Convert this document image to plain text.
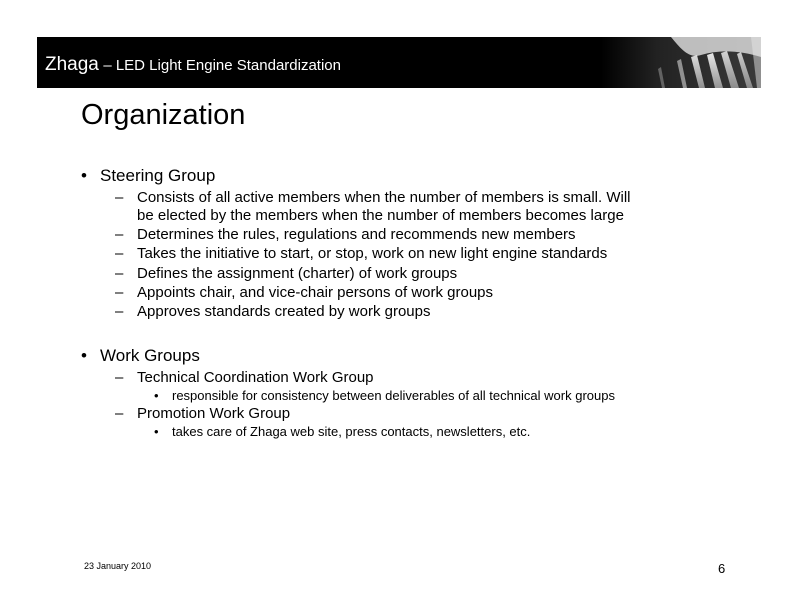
Zhaga – LED Light Engine Standardization
Organization
• Steering Group
– Consists of all active members when the number of members is small. Will
be elected by the members when the number of members becomes large
– Determines the rules, regulations and recommends new members
– Takes the initiative to start, or stop, work on new light engine standards
– Defines the assignment (charter) of work groups
– Appoints chair, and vice-chair persons of work groups
– Approves standards created by work groups
• Work Groups
– Technical Coordination Work Group
• responsible for consistency between deliverables of all technical work groups
– Promotion Work Group
• takes care of Zhaga web site, press contacts, newsletters, etc.
23 January 2010	6
